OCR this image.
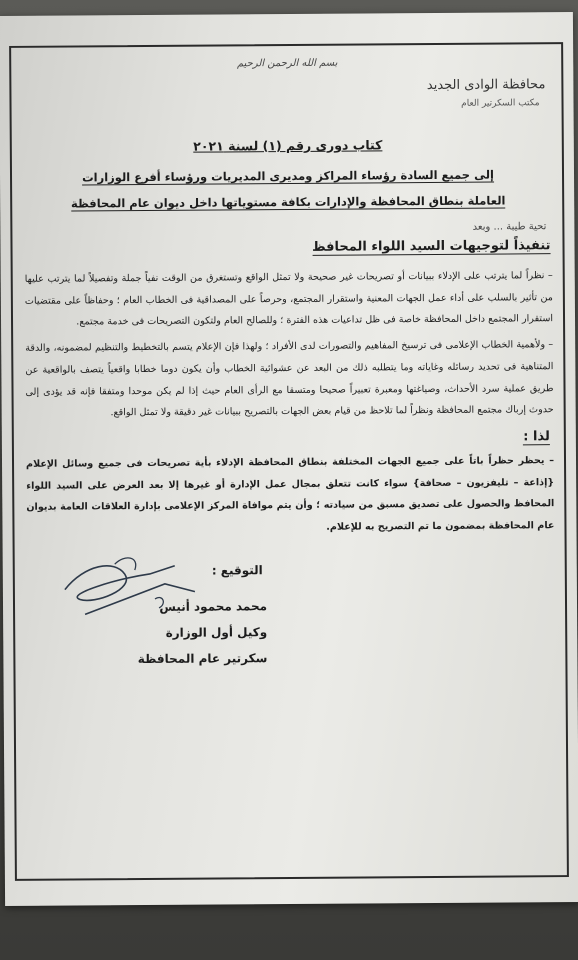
بسم الله الرحمن الرحيم
محافظة الوادى الجديد
مكتب السكرتير العام
كتاب دورى رقم (١) لسنة ٢٠٢١
إلى جميع السادة رؤساء المراكز ومديرى المديريات ورؤساء أفرع الوزارات
العاملة بنطاق المحافظة والإدارات بكافة مستوياتها داخل ديوان عام المحافظة
تحية طيبة ... وبعد
تنفيذاً لتوجيهات السيد اللواء المحافظ

– نظراً لما يترتب على الإدلاء ببيانات أو تصريحات غير صحيحة ولا تمثل الواقع وتستغرق من الوقت نفياً جملة وتفصيلاً لما يترتب عليها من تأثير بالسلب على أداء عمل الجهات المعنية واستقرار المجتمع، وحرصاً على المصداقية فى الخطاب العام ؛ وحفاظاً على مقتضيات استقرار المجتمع داخل المحافظة خاصة فى ظل تداعيات هذه الفترة ؛ وللصالح العام ولتكون التصريحات فى خدمة مجتمع.

– ولأهمية الخطاب الإعلامى فى ترسيخ المفاهيم والتصورات لدى الأفراد ؛ ولهذا فإن الإعلام يتسم بالتخطيط والتنظيم لمضمونه، والدقة المتناهية فى تحديد رسائله وغاياته وما يتطلبه ذلك من البعد عن عشوائية الخطاب وأن يكون دوما خطابا واقعياً يتصف بالواقعية عن طريق عملية سرد الأحداث، وصياغتها ومعبرة تعبيراً صحيحا ومتسقا مع الرأى العام حيث إذا لم يكن موحدا ومتفقا فإنه قد يؤدى إلى حدوث إرباك مجتمع المحافظة ونظراً لما تلاحظ من قيام بعض الجهات بالتصريح ببيانات غير دقيقة ولا تمثل الواقع.

لذا :

– يحظر حظراً باتاً على جميع الجهات المختلفة بنطاق المحافظة الإدلاء بأية تصريحات فى جميع وسائل الإعلام {إذاعة – تليفزيون – صحافة} سواء كانت تتعلق بمجال عمل الإدارة أو غيرها إلا بعد العرض على السيد اللواء المحافظ والحصول على تصديق مسبق من سيادته ؛ وأن يتم موافاة المركز الإعلامى بإدارة العلاقات العامة بديوان عام المحافظة بمضمون ما تم التصريح به للإعلام.

التوقيع :
محمد محمود أنيس
وكيل أول الوزارة
سكرتير عام المحافظة
